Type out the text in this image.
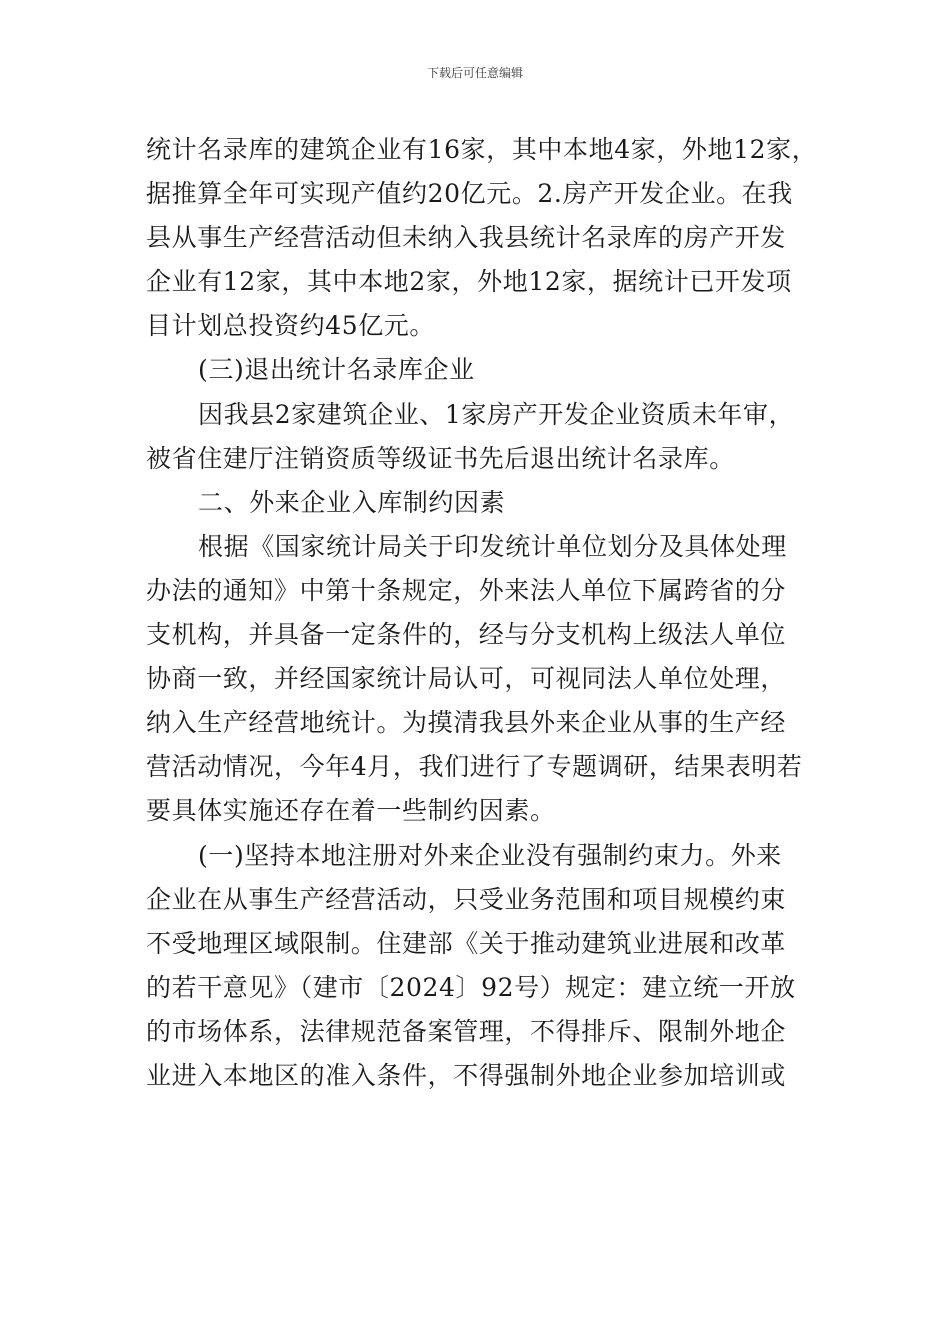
下载后可任意编辑
统计名录库的建筑企业有16家，其中本地4家，外地12家，
据推算全年可实现产值约20亿元。2.房产开发企业。在我
县从事生产经营活动但未纳入我县统计名录库的房产开发
企业有12家，其中本地2家，外地12家，据统计已开发项
目计划总投资约45亿元。
(三)退出统计名录库企业
因我县2家建筑企业、1家房产开发企业资质未年审，
被省住建厅注销资质等级证书先后退出统计名录库。
二、外来企业入库制约因素
根据《国家统计局关于印发统计单位划分及具体处理
办法的通知》中第十条规定，外来法人单位下属跨省的分
支机构，并具备一定条件的，经与分支机构上级法人单位
协商一致，并经国家统计局认可，可视同法人单位处理，
纳入生产经营地统计。为摸清我县外来企业从事的生产经
营活动情况，今年4月，我们进行了专题调研，结果表明若
要具体实施还存在着一些制约因素。
(一)坚持本地注册对外来企业没有强制约束力。外来
企业在从事生产经营活动，只受业务范围和项目规模约束
不受地理区域限制。住建部《关于推动建筑业进展和改革
的若干意见》（建市〔2024〕92号）规定：建立统一开放
的市场体系，法律规范备案管理，不得排斥、限制外地企
业进入本地区的准入条件，不得强制外地企业参加培训或
